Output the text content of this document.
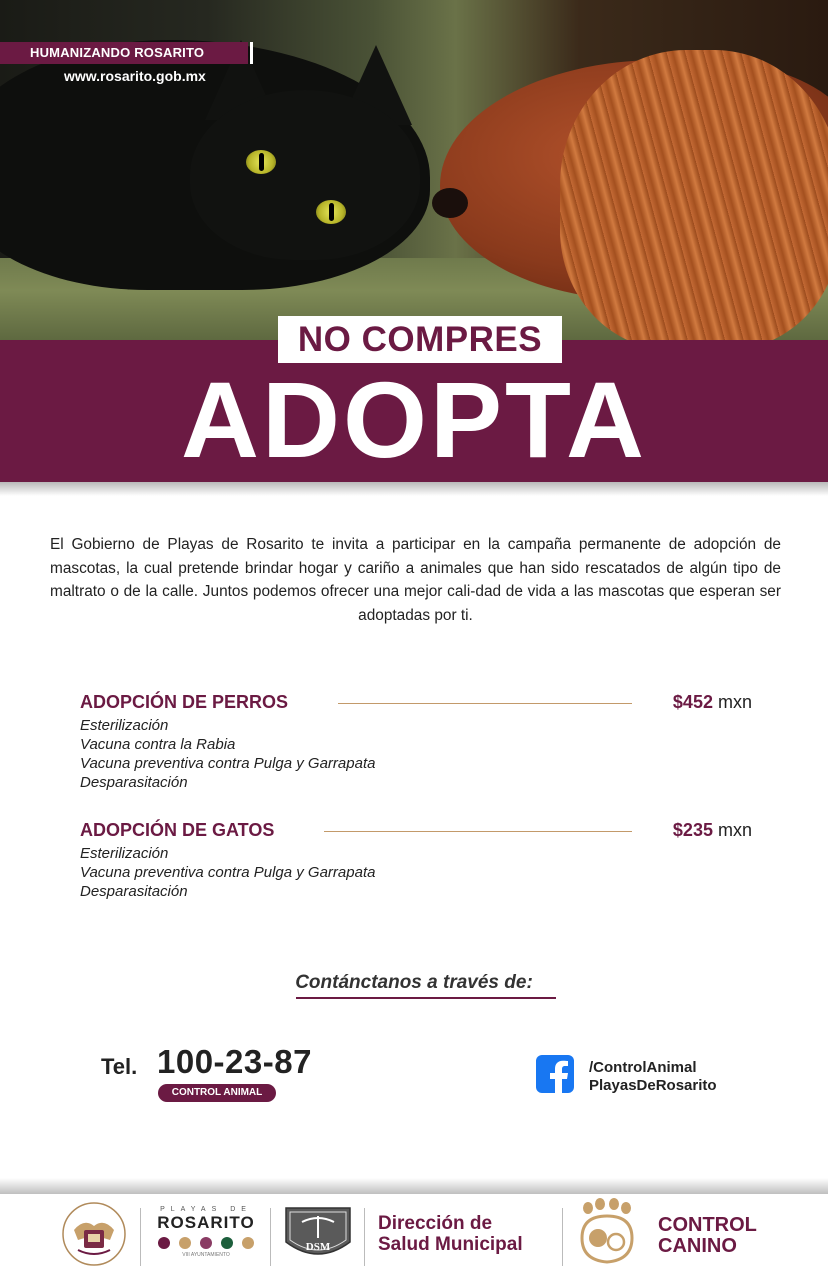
HUMANIZANDO ROSARITO
www.rosarito.gob.mx
NO COMPRES
ADOPTA

El Gobierno de Playas de Rosarito te invita a participar en la campaña permanente de adopción de mascotas, la cual pretende brindar hogar y cariño a animales que han sido rescatados de algún tipo de maltrato o de la calle. Juntos podemos ofrecer una mejor cali-dad de vida a las mascotas que esperan ser adoptadas por ti.

ADOPCIÓN DE PERROS	$452 mxn
Esterilización
Vacuna contra la Rabia
Vacuna preventiva contra Pulga y Garrapata
Desparasitación
ADOPCIÓN DE GATOS	$235 mxn
Esterilización
Vacuna preventiva contra Pulga y Garrapata
Desparasitación
Contánctanos a través de:
Tel. 100-23-87
CONTROL ANIMAL
/ControlAnimal
PlayasDeRosarito
PLAYAS DE
ROSARITO
VIII AYUNTAMIENTO
DSM
Dirección de
Salud Municipal
CONTROL
CANINO
